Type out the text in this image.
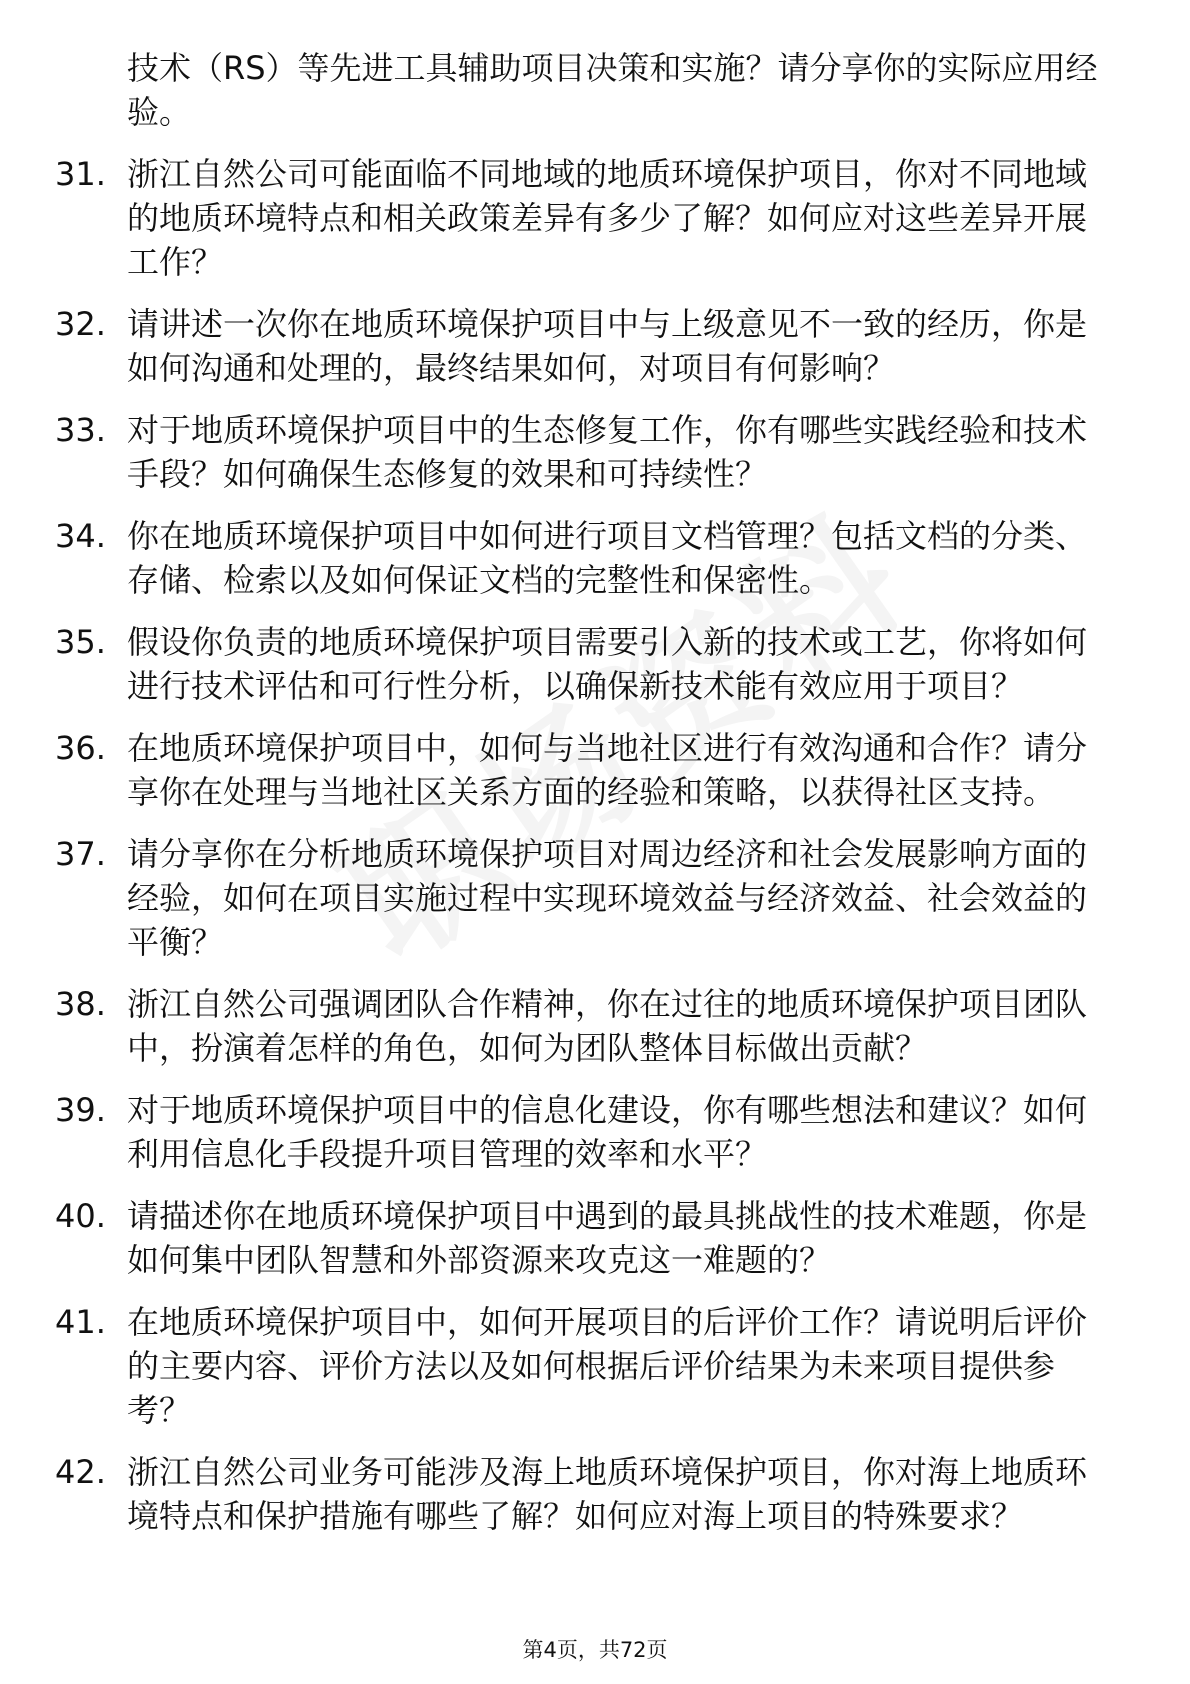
技术（RS）等先进工具辅助项目决策和实施？请分享你的实际应用经验。
31. 浙江自然公司可能面临不同地域的地质环境保护项目，你对不同地域的地质环境特点和相关政策差异有多少了解？如何应对这些差异开展工作？
32. 请讲述一次你在地质环境保护项目中与上级意见不一致的经历，你是如何沟通和处理的，最终结果如何，对项目有何影响？
33. 对于地质环境保护项目中的生态修复工作，你有哪些实践经验和技术手段？如何确保生态修复的效果和可持续性？
34. 你在地质环境保护项目中如何进行项目文档管理？包括文档的分类、存储、检索以及如何保证文档的完整性和保密性。
35. 假设你负责的地质环境保护项目需要引入新的技术或工艺，你将如何进行技术评估和可行性分析，以确保新技术能有效应用于项目？
36. 在地质环境保护项目中，如何与当地社区进行有效沟通和合作？请分享你在处理与当地社区关系方面的经验和策略，以获得社区支持。
37. 请分享你在分析地质环境保护项目对周边经济和社会发展影响方面的经验，如何在项目实施过程中实现环境效益与经济效益、社会效益的平衡？
38. 浙江自然公司强调团队合作精神，你在过往的地质环境保护项目团队中，扮演着怎样的角色，如何为团队整体目标做出贡献？
39. 对于地质环境保护项目中的信息化建设，你有哪些想法和建议？如何利用信息化手段提升项目管理的效率和水平？
40. 请描述你在地质环境保护项目中遇到的最具挑战性的技术难题，你是如何集中团队智慧和外部资源来攻克这一难题的？
41. 在地质环境保护项目中，如何开展项目的后评价工作？请说明后评价的主要内容、评价方法以及如何根据后评价结果为未来项目提供参考？
42. 浙江自然公司业务可能涉及海上地质环境保护项目，你对海上地质环境特点和保护措施有哪些了解？如何应对海上项目的特殊要求？
第4页，共72页
